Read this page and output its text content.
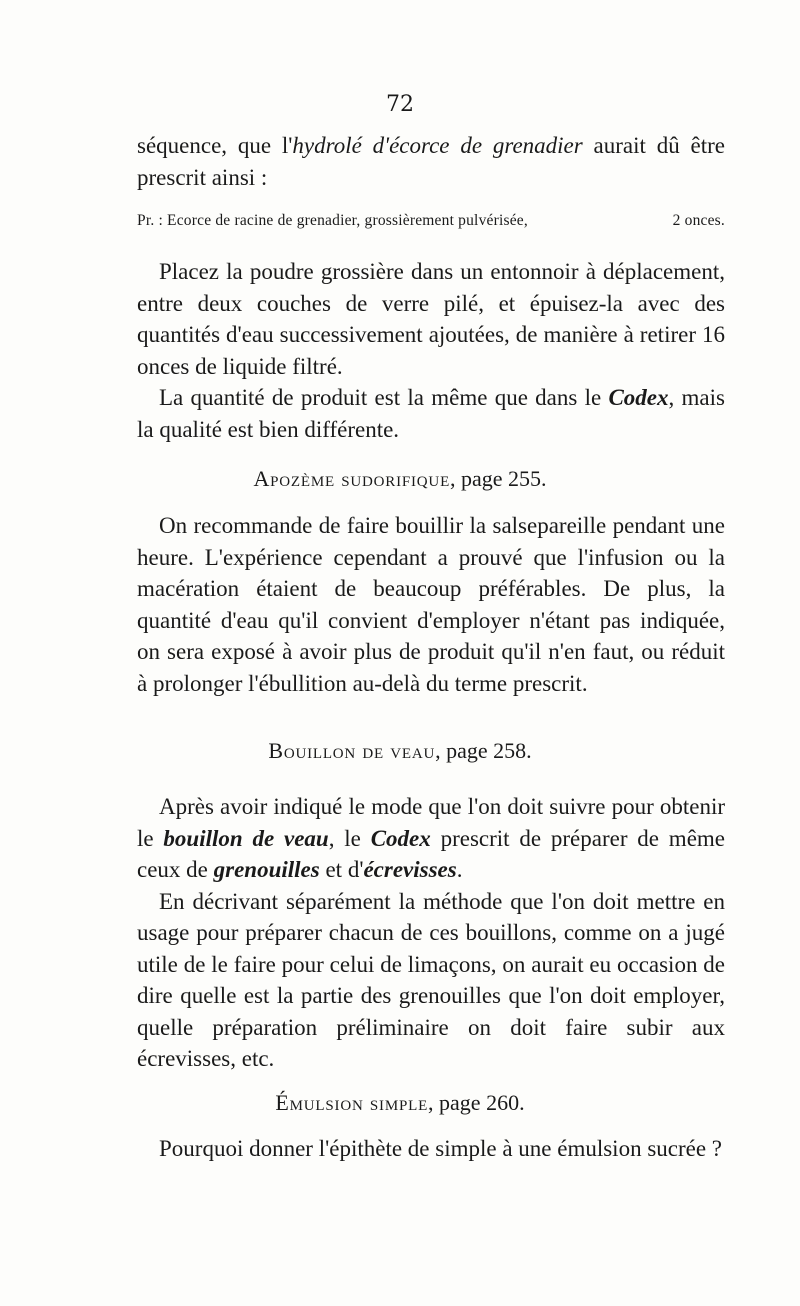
72

séquence, que l'hydrolé d'écorce de grenadier aurait dû être prescrit ainsi :

Pr. : Ecorce de racine de grenadier, grossièrement pulvérisée,	2 onces.

Placez la poudre grossière dans un entonnoir à déplacement, entre deux couches de verre pilé, et épuisez-la avec des quantités d'eau successivement ajoutées, de manière à retirer 16 onces de liquide filtré.

La quantité de produit est la même que dans le Codex, mais la qualité est bien différente.

Apozème sudorifique, page 255.

On recommande de faire bouillir la salsepareille pendant une heure. L'expérience cependant a prouvé que l'infusion ou la macération étaient de beaucoup préférables. De plus, la quantité d'eau qu'il convient d'employer n'étant pas indiquée, on sera exposé à avoir plus de produit qu'il n'en faut, ou réduit à prolonger l'ébullition au-delà du terme prescrit.

Bouillon de veau, page 258.

Après avoir indiqué le mode que l'on doit suivre pour obtenir le bouillon de veau, le Codex prescrit de préparer de même ceux de grenouilles et d'écrevisses.

En décrivant séparément la méthode que l'on doit mettre en usage pour préparer chacun de ces bouillons, comme on a jugé utile de le faire pour celui de limaçons, on aurait eu occasion de dire quelle est la partie des grenouilles que l'on doit employer, quelle préparation préliminaire on doit faire subir aux écrevisses, etc.

Émulsion simple, page 260.

Pourquoi donner l'épithète de simple à une émulsion sucrée ?
